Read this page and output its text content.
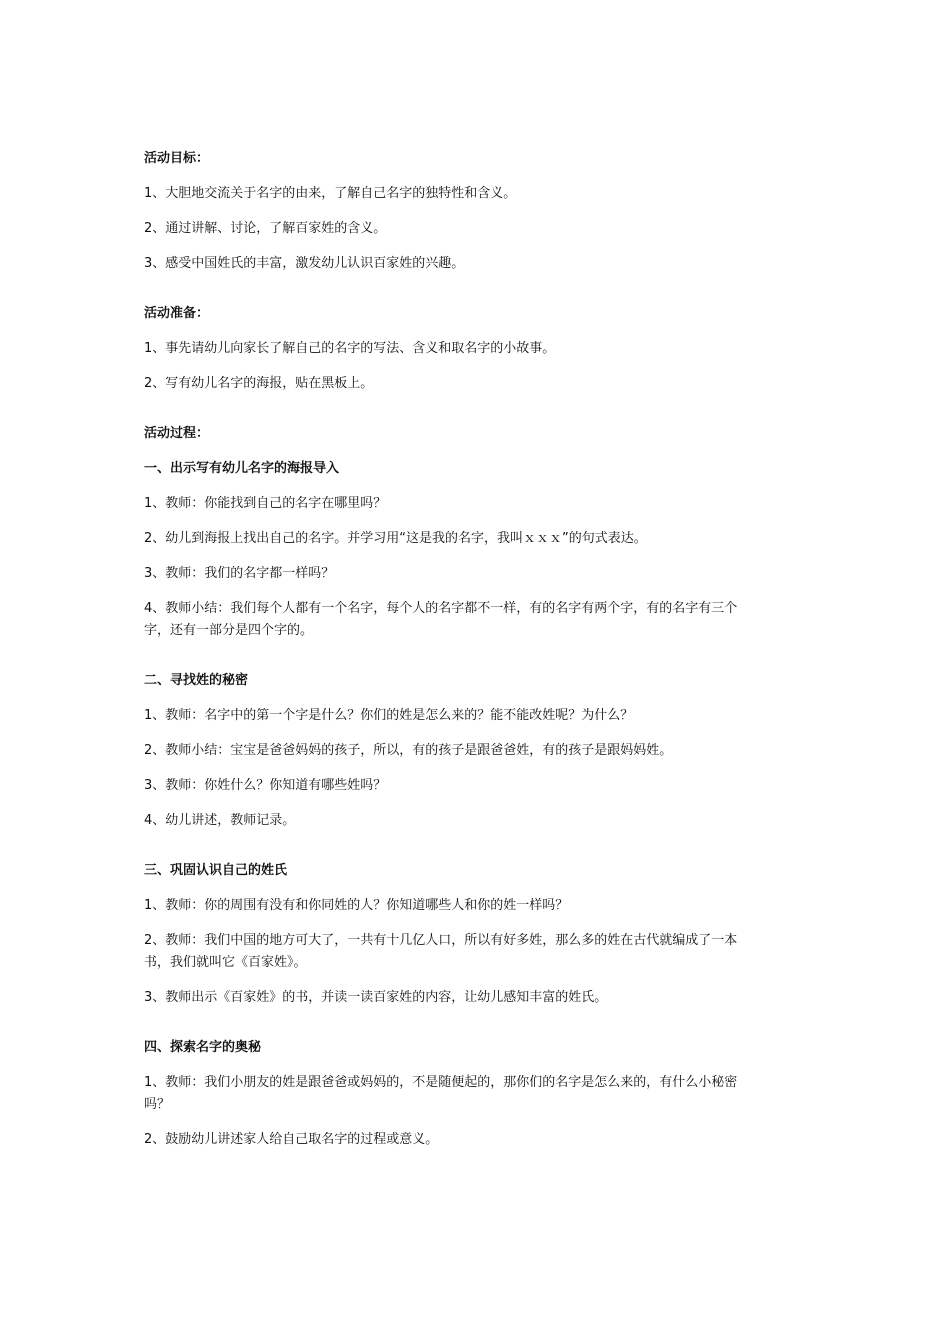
活动目标：
1、大胆地交流关于名字的由来，了解自己名字的独特性和含义。
2、通过讲解、讨论，了解百家姓的含义。
3、感受中国姓氏的丰富，激发幼儿认识百家姓的兴趣。
活动准备：
1、事先请幼儿向家长了解自己的名字的写法、含义和取名字的小故事。
2、写有幼儿名字的海报，贴在黑板上。
活动过程：
一、出示写有幼儿名字的海报导入
1、教师：你能找到自己的名字在哪里吗？
2、幼儿到海报上找出自己的名字。并学习用“这是我的名字，我叫ｘｘｘ”的句式表达。
3、教师：我们的名字都一样吗？
4、教师小结：我们每个人都有一个名字，每个人的名字都不一样，有的名字有两个字，有的名字有三个
字，还有一部分是四个字的。
二、寻找姓的秘密
1、教师：名字中的第一个字是什么？你们的姓是怎么来的？能不能改姓呢？为什么？
2、教师小结：宝宝是爸爸妈妈的孩子，所以，有的孩子是跟爸爸姓，有的孩子是跟妈妈姓。
3、教师：你姓什么？你知道有哪些姓吗？
4、幼儿讲述，教师记录。
三、巩固认识自己的姓氏
1、教师：你的周围有没有和你同姓的人？你知道哪些人和你的姓一样吗？
2、教师：我们中国的地方可大了，一共有十几亿人口，所以有好多姓，那么多的姓在古代就编成了一本
书，我们就叫它《百家姓》。
3、教师出示《百家姓》的书，并读一读百家姓的内容，让幼儿感知丰富的姓氏。
四、探索名字的奥秘
1、教师：我们小朋友的姓是跟爸爸或妈妈的，不是随便起的，那你们的名字是怎么来的，有什么小秘密
吗？
2、鼓励幼儿讲述家人给自己取名字的过程或意义。
